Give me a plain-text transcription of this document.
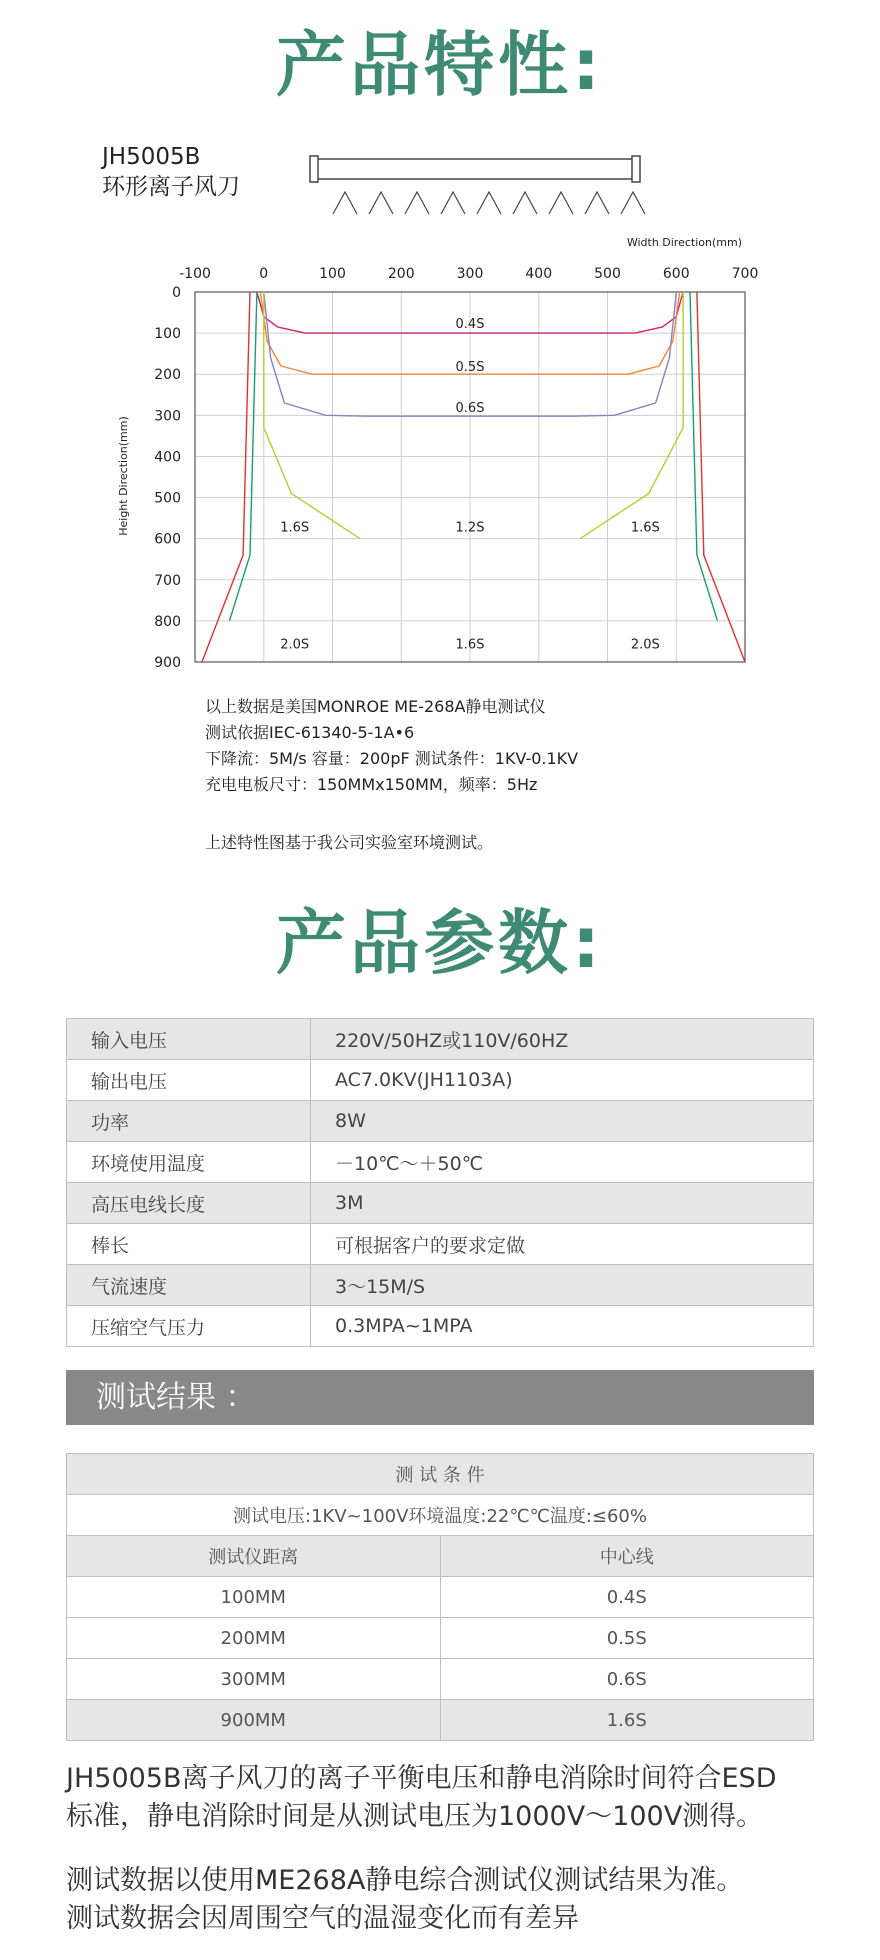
产品特性:
JH5005B
环形离子风刀
Width Direction(mm)
Height Direction(mm)
-100	0	100	200	300	400	500	600	700
0
100
200
300
400
500
600
700
800
900
0.4S
0.5S
0.6S
1.6S	1.2S	1.6S
2.0S	1.6S	2.0S
以上数据是美国MONROE ME-268A静电测试仪
测试依据IEC-61340-5-1A•6
下降流：5M/s 容量：200pF 测试条件：1KV-0.1KV
充电电板尺寸：150MMx150MM，频率：5Hz
上述特性图基于我公司实验室环境测试。
产品参数:
输入电压	220V/50HZ或110V/60HZ
输出电压	AC7.0KV(JH1103A)
功率	8W
环境使用温度	－10℃～＋50℃
高压电线长度	3M
棒长	可根据客户的要求定做
气流速度	3～15M/S
压缩空气压力	0.3MPA~1MPA
测试结果 ：
测 试 条 件	
测试电压:1KV~100V环境温度:22℃℃温度:≤60%	
测试仪距离	中心线
100MM	0.4S
200MM	0.5S
300MM	0.6S
900MM	1.6S
JH5005B离子风刀的离子平衡电压和静电消除时间符合ESD
标准，静电消除时间是从测试电压为1000V～100V测得。
测试数据以使用ME268A静电综合测试仪测试结果为准。
测试数据会因周围空气的温湿变化而有差异
